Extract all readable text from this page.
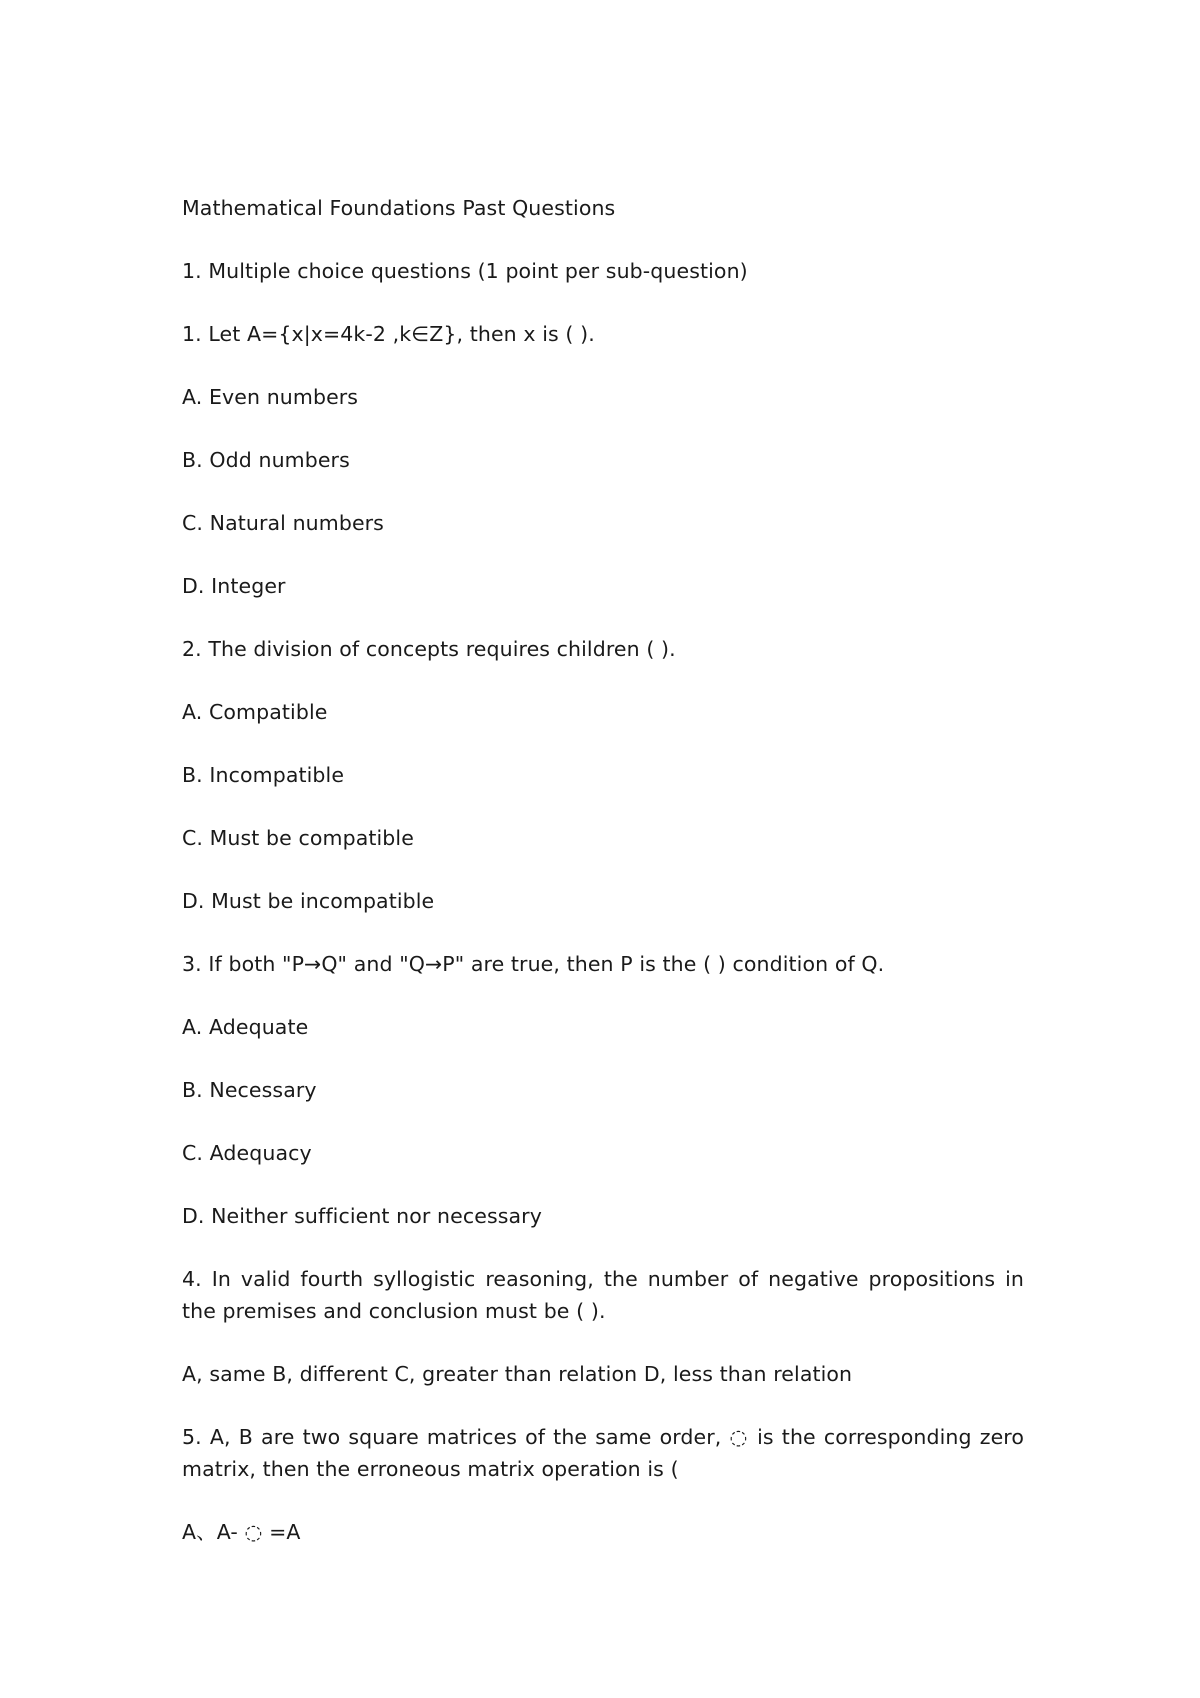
Mathematical Foundations Past Questions

1. Multiple choice questions (1 point per sub-question)

1. Let A={x|x=4k-2 ,k∈Z}, then x is ( ).

A. Even numbers

B. Odd numbers

C. Natural numbers

D. Integer

2. The division of concepts requires children ( ).

A. Compatible

B. Incompatible

C. Must be compatible

D. Must be incompatible

3. If both "P→Q" and "Q→P" are true, then P is the ( ) condition of Q.

A. Adequate

B. Necessary

C. Adequacy

D. Neither sufficient nor necessary

4. In valid fourth syllogistic reasoning, the number of negative propositions in the premises and conclusion must be ( ).

A, same B, different C, greater than relation D, less than relation

5. A, B are two square matrices of the same order, ◌ is the corresponding zero matrix, then the erroneous matrix operation is (

A、A- ◌ =A
